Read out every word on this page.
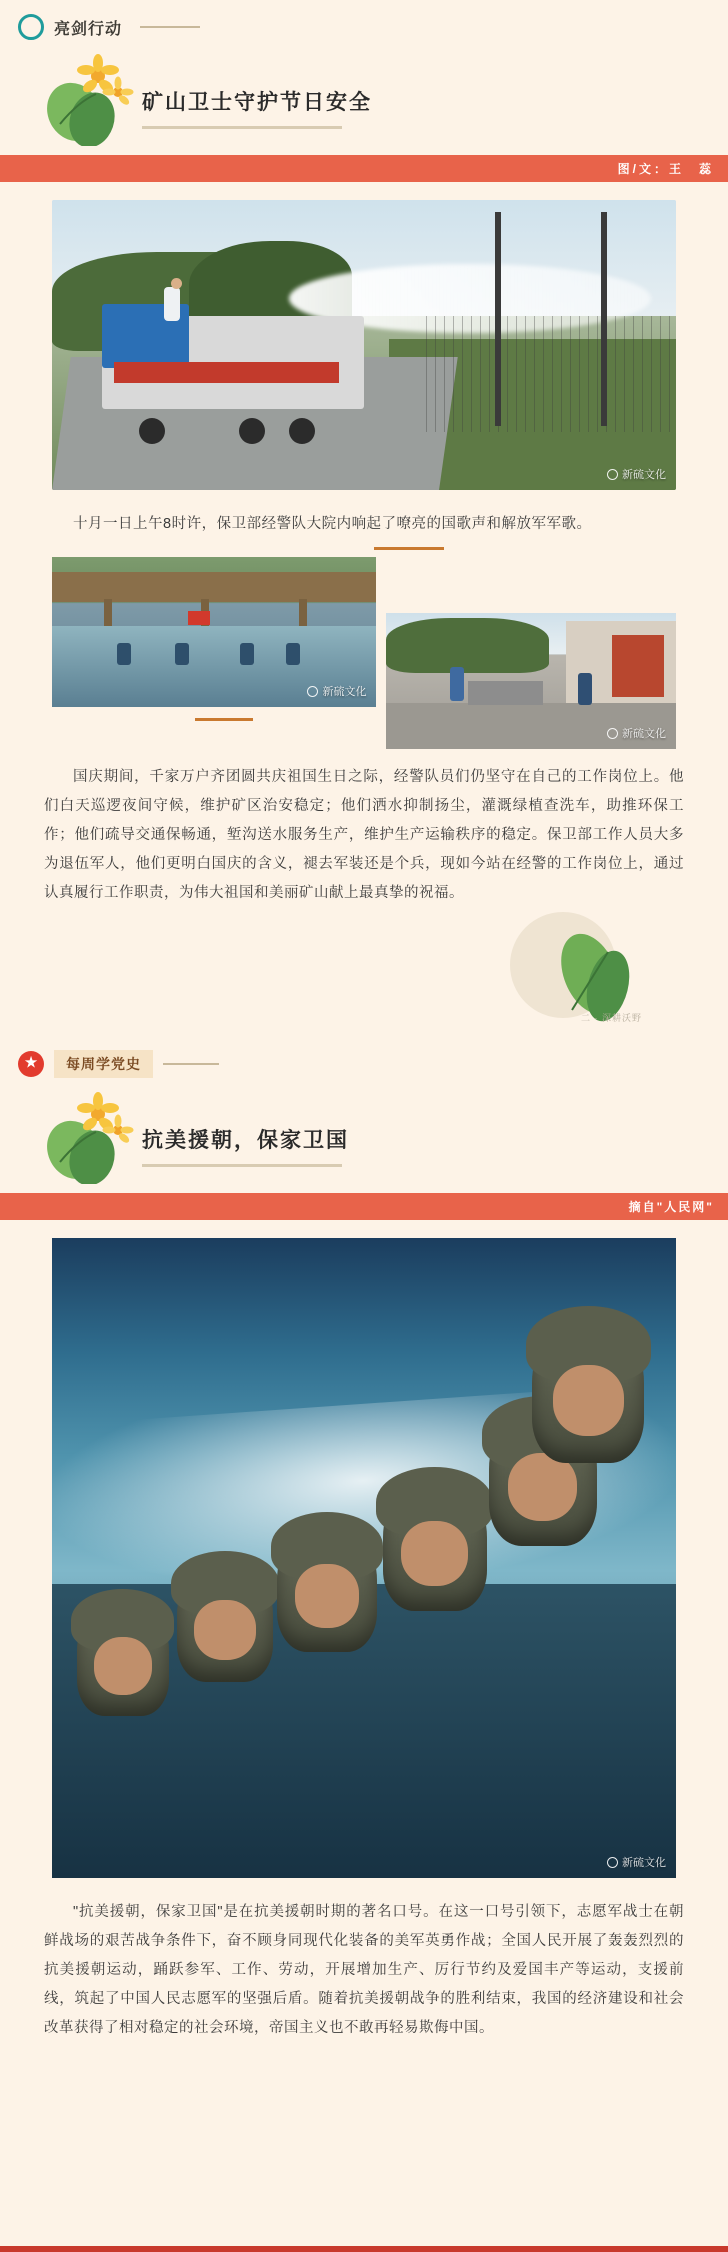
亮剑行动
矿山卫士守护节日安全
图/文：王　蕊
新硫文化
十月一日上午8时许，保卫部经警队大院内响起了嘹亮的国歌声和解放军军歌。
新硫文化
新硫文化
国庆期间，千家万户齐团圆共庆祖国生日之际，经警队员们仍坚守在自己的工作岗位上。他们白天巡逻夜间守候，维护矿区治安稳定；他们洒水抑制扬尘，灌溉绿植查洗车，助推环保工作；他们疏导交通保畅通，堑沟送水服务生产，维护生产运输秩序的稳定。保卫部工作人员大多为退伍军人，他们更明白国庆的含义，褪去军装还是个兵，现如今站在经警的工作岗位上，通过认真履行工作职责，为伟大祖国和美丽矿山献上最真挚的祝福。
二 · 深耕沃野
★	每周学党史
抗美援朝，保家卫国
摘自"人民网"
新硫文化
"抗美援朝，保家卫国"是在抗美援朝时期的著名口号。在这一口号引领下，志愿军战士在朝鲜战场的艰苦战争条件下，奋不顾身同现代化装备的美军英勇作战；全国人民开展了轰轰烈烈的抗美援朝运动，踊跃参军、工作、劳动，开展增加生产、厉行节约及爱国丰产等运动，支援前线，筑起了中国人民志愿军的坚强后盾。随着抗美援朝战争的胜利结束，我国的经济建设和社会改革获得了相对稳定的社会环境，帝国主义也不敢再轻易欺侮中国。
